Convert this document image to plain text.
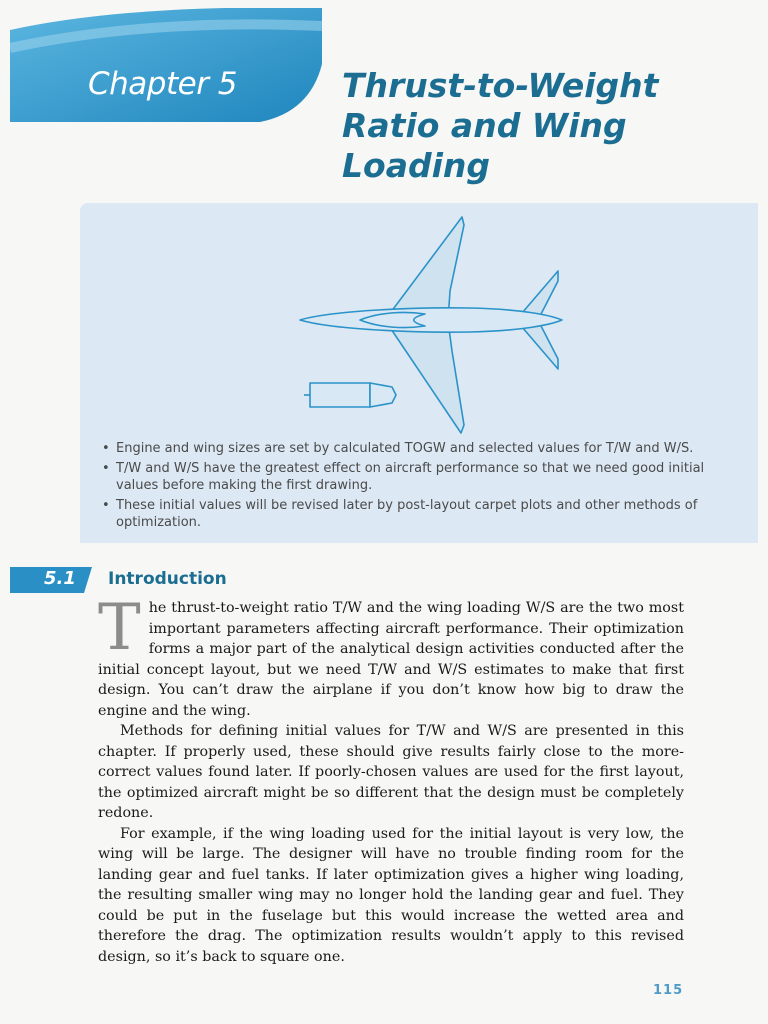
Chapter 5	Thrust-to-Weight Ratio and Wing Loading
• Engine and wing sizes are set by calculated TOGW and selected values for T/W and W/S.
• T/W and W/S have the greatest effect on aircraft performance so that we need good initial values before making the first drawing.
• These initial values will be revised later by post-layout carpet plots and other methods of optimization.
5.1 Introduction

The thrust-to-weight ratio T/W and the wing loading W/S are the two most important parameters affecting aircraft performance. Their optimization forms a major part of the analytical design activities conducted after the initial concept layout, but we need T/W and W/S estimates to make that first design. You can’t draw the airplane if you don’t know how big to draw the engine and the wing.

Methods for defining initial values for T/W and W/S are presented in this chapter. If properly used, these should give results fairly close to the more-correct values found later. If poorly-chosen values are used for the first layout, the optimized aircraft might be so different that the design must be completely redone.

For example, if the wing loading used for the initial layout is very low, the wing will be large. The designer will have no trouble finding room for the landing gear and fuel tanks. If later optimization gives a higher wing loading, the resulting smaller wing may no longer hold the landing gear and fuel. They could be put in the fuselage but this would increase the wetted area and therefore the drag. The optimization results wouldn’t apply to this revised design, so it’s back to square one.

115
